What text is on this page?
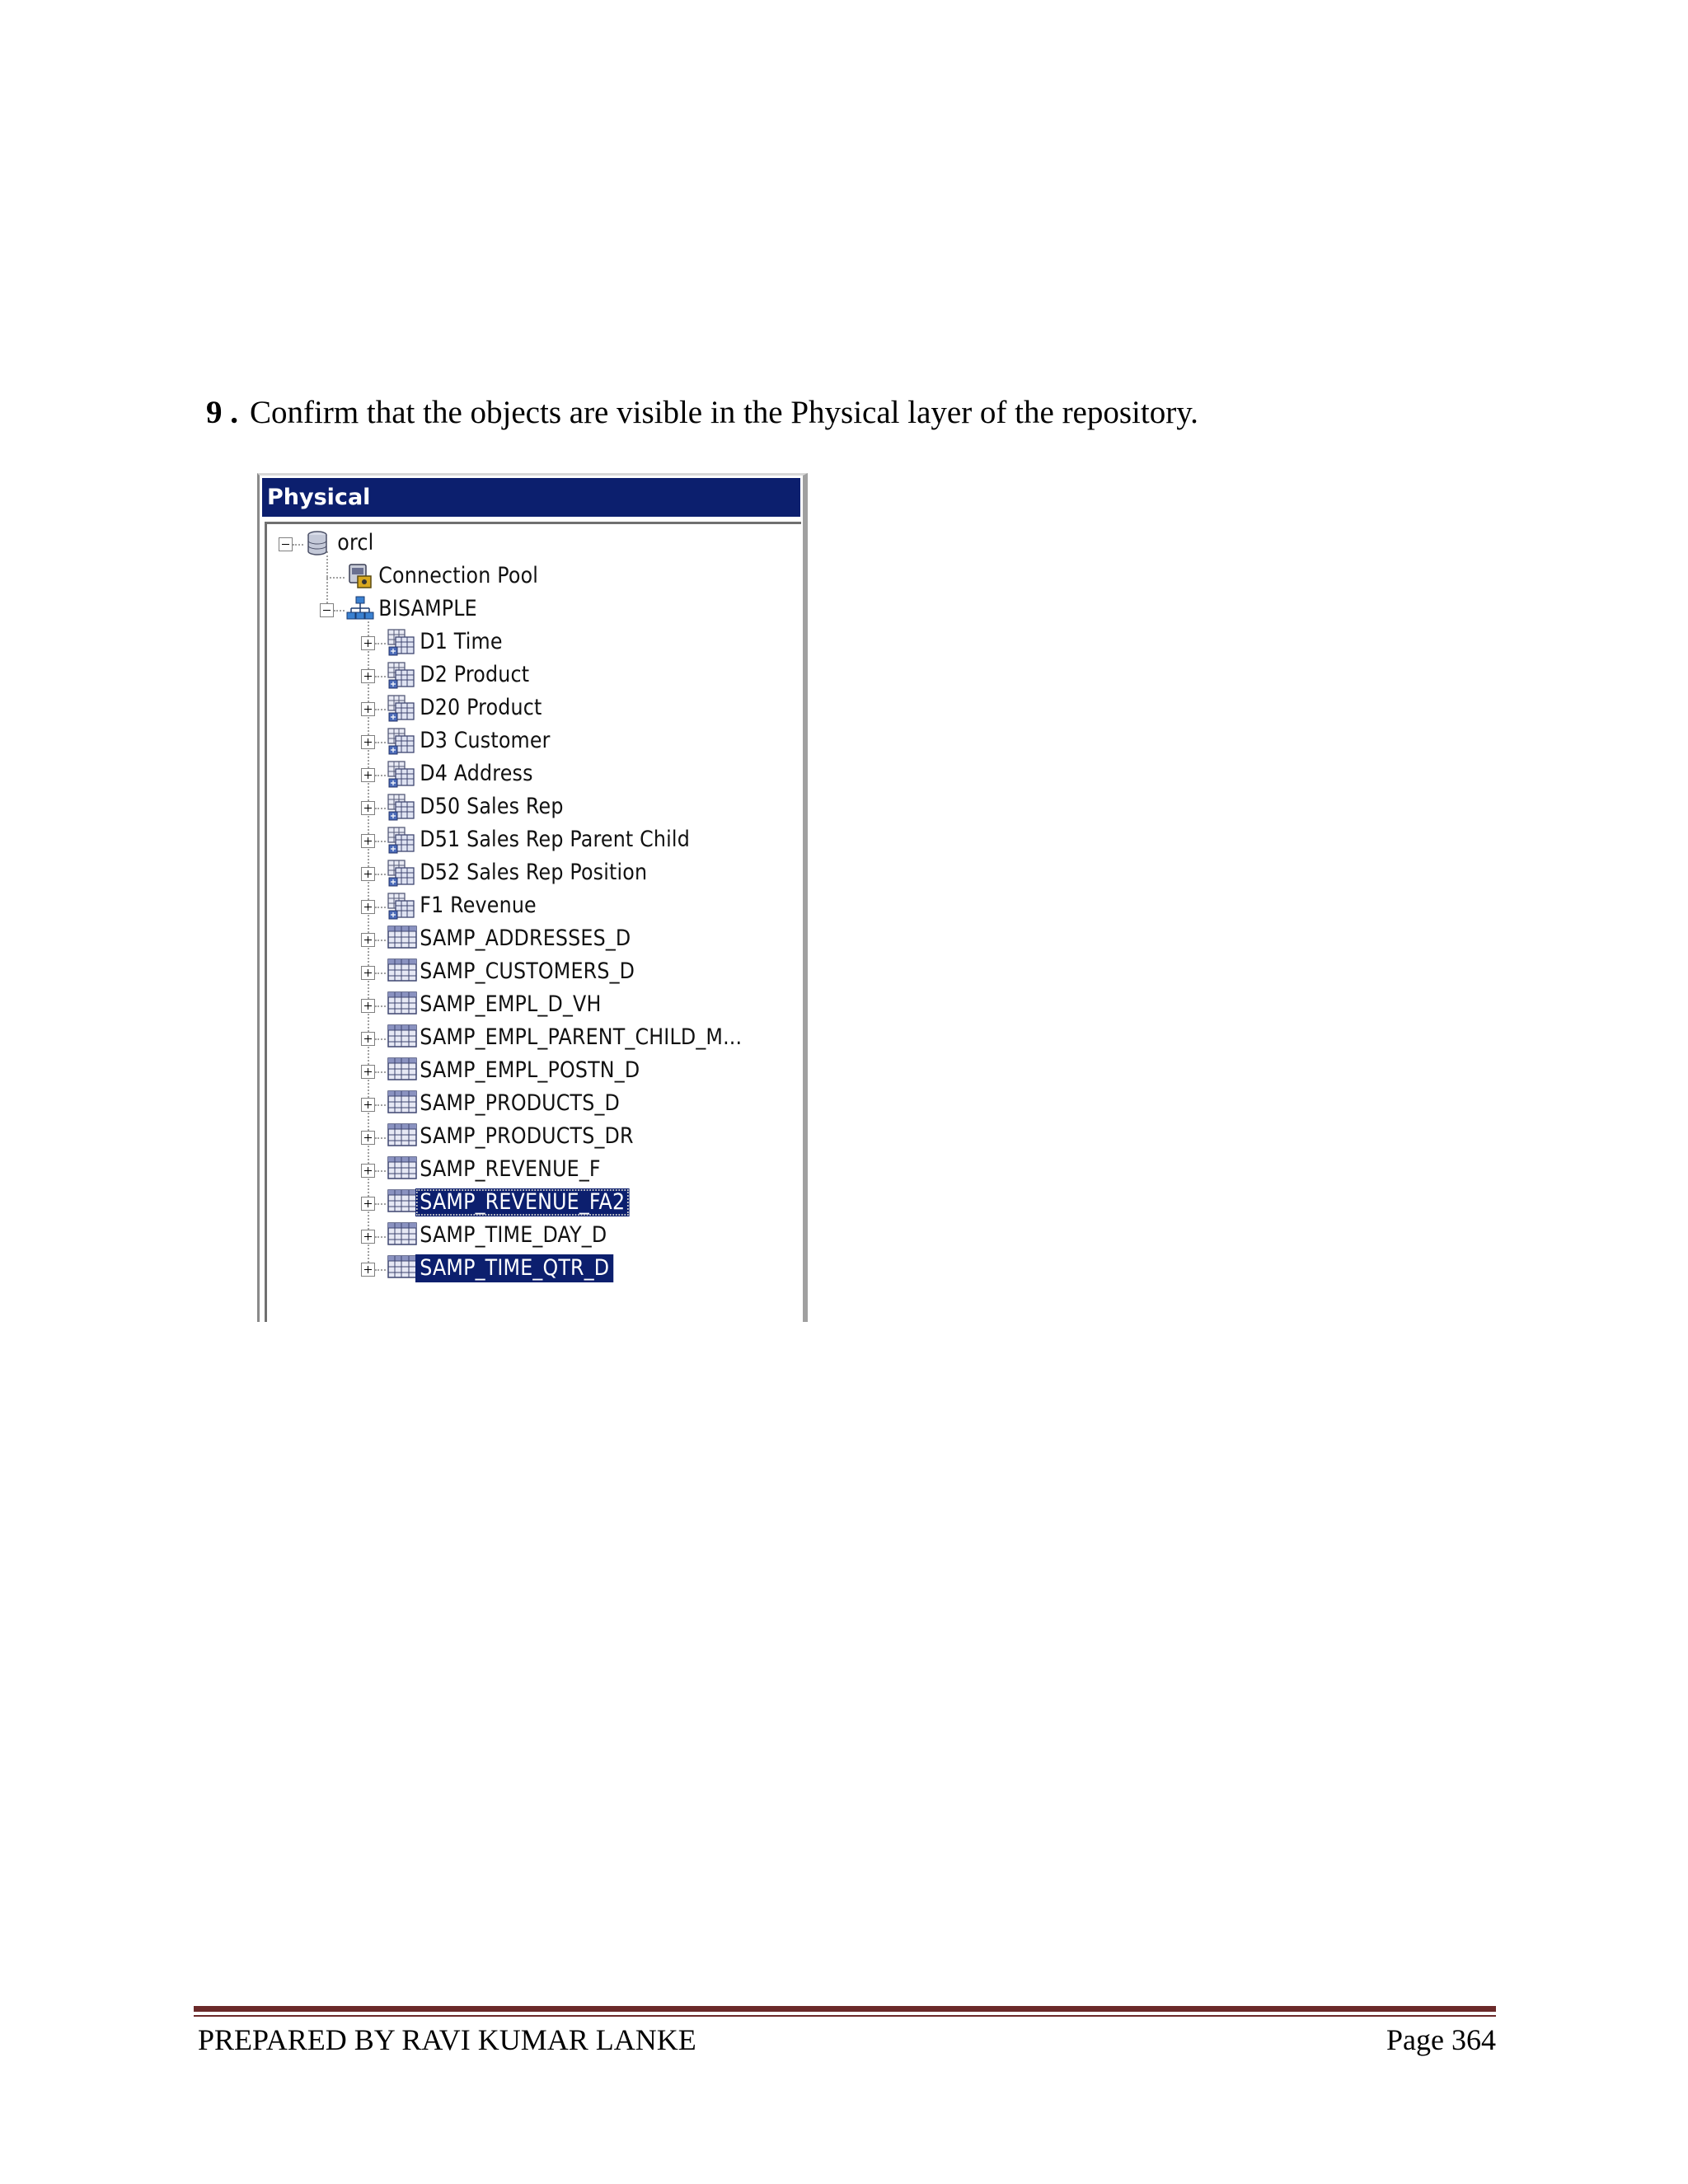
9 . Confirm that the objects are visible in the Physical layer of the repository.
Physical
orcl
Connection Pool
BISAMPLE
D1 Time
D2 Product
D20 Product
D3 Customer
D4 Address
D50 Sales Rep
D51 Sales Rep Parent Child
D52 Sales Rep Position
F1 Revenue
SAMP_ADDRESSES_D
SAMP_CUSTOMERS_D
SAMP_EMPL_D_VH
SAMP_EMPL_PARENT_CHILD_M...
SAMP_EMPL_POSTN_D
SAMP_PRODUCTS_D
SAMP_PRODUCTS_DR
SAMP_REVENUE_F
SAMP_REVENUE_FA2
SAMP_TIME_DAY_D
SAMP_TIME_QTR_D
PREPARED BY RAVI KUMAR LANKE	Page 364
